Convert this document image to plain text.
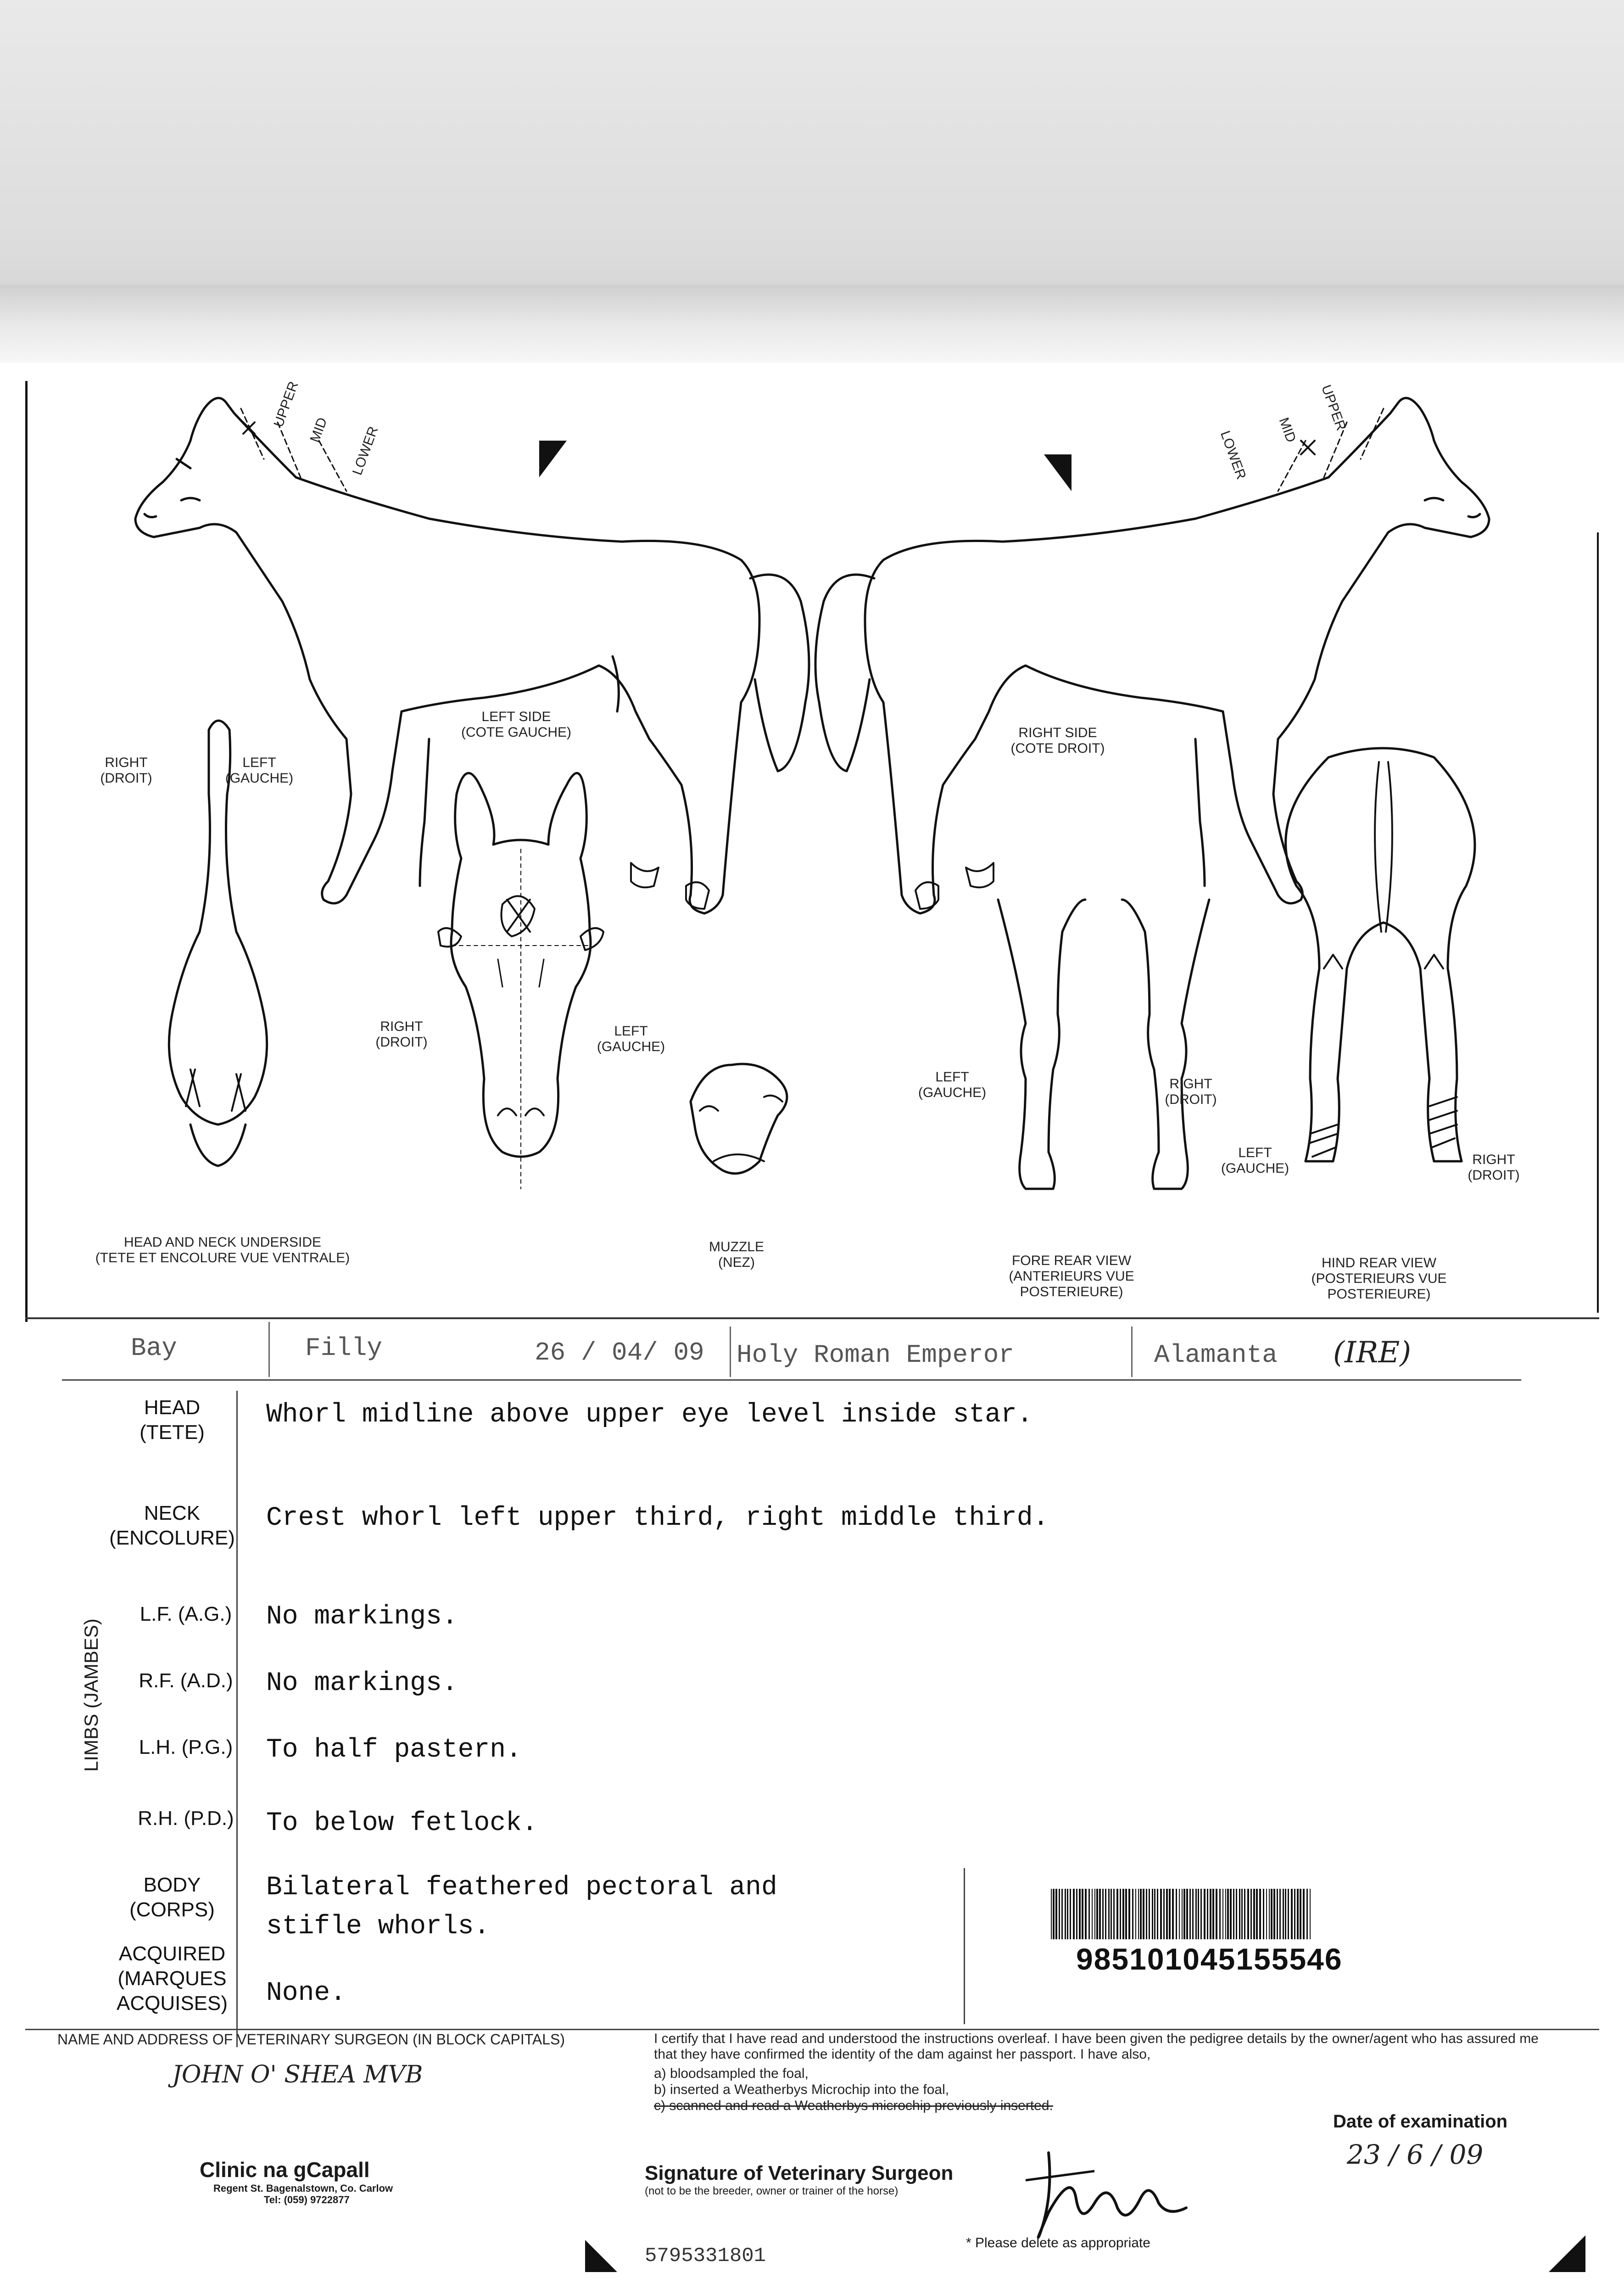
LEFT SIDE
(COTE GAUCHE)	RIGHT SIDE
(COTE DROIT)
UPPER
MID LOWER
UPPER
MID
LOWER
RIGHT
(DROIT)
LEFT
(GAUCHE)
RIGHT
(DROIT)
LEFT
(GAUCHE)
HEAD AND NECK UNDERSIDE
(TETE ET ENCOLURE VUE VENTRALE)
MUZZLE
(NEZ)
LEFT
(GAUCHE)
RIGHT
(DROIT)
FORE REAR VIEW
(ANTERIEURS VUE
POSTERIEURE)
LEFT
(GAUCHE)
RIGHT
(DROIT)
HIND REAR VIEW
(POSTERIEURS VUE
POSTERIEURE)
Bay	Filly	26 / 04/ 09 Holy Roman Emperor	Alamanta (IRE)
HEAD
(TETE)
Whorl midline above upper eye level inside star.
NECK
(ENCOLURE)
Crest whorl left upper third, right middle third.
LIMBS (JAMBES)
L.F. (A.G.)	No markings.
R.F. (A.D.)	No markings.
L.H. (P.G.)	To half pastern.
R.H. (P.D.)	To below fetlock.
BODY
(CORPS)
Bilateral feathered pectoral and
stifle whorls.
ACQUIRED
(MARQUES
ACQUISES)	None.
985101045155546
NAME AND ADDRESS OF VETERINARY SURGEON (IN BLOCK CAPITALS)
JOHN O' SHEA MVB
Clinic na gCapall
Regent St. Bagenalstown, Co. Carlow
Tel: (059) 9722877
I certify that I have read and understood the instructions overleaf. I have been given the pedigree details by the owner/agent who has assured me that they have confirmed the identity of the dam against her passport. I have also,
a) bloodsampled the foal,
b) inserted a Weatherbys Microchip into the foal,
c) scanned and read a Weatherbys microchip previously inserted.
Signature of Veterinary Surgeon
(not to be the breeder, owner or trainer of the horse)
* Please delete as appropriate
Date of examination
23 / 6 / 09
5795331801
